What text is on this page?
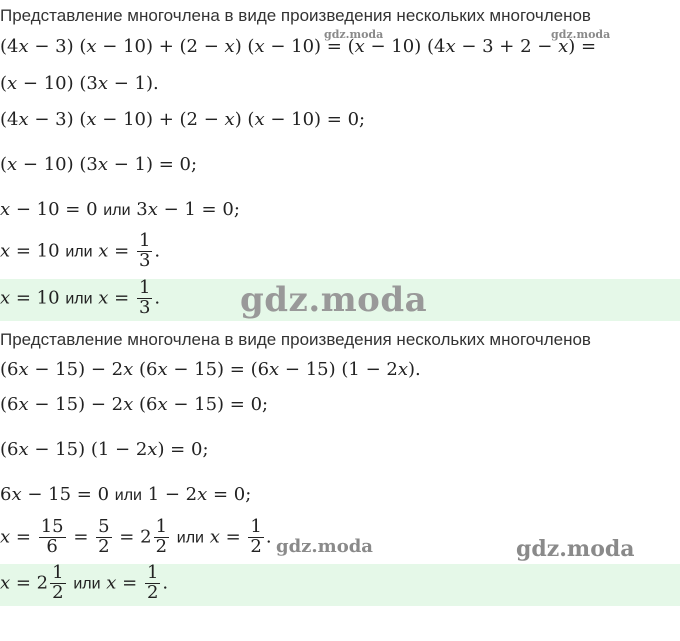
Представление многочлена в виде произведения нескольких многочленов
(4x − 3) (x − 10) + (2 − x) (x − 10) = (x − 10) (4x − 3 + 2 − x) =
(x − 10) (3x − 1).
(4x − 3) (x − 10) + (2 − x) (x − 10) = 0;
(x − 10) (3x − 1) = 0;
x − 10 = 0 или 3x − 1 = 0;
x = 10 или $x = \frac{1}{3}$ .
x = 10 или $x = \frac{1}{3}$ .
Представление многочлена в виде произведения нескольких многочленов
(6x − 15) − 2x (6x − 15) = (6x − 15) (1 − 2x).
(6x − 15) − 2x (6x − 15) = 0;
(6x − 15) (1 − 2x) = 0;
6x − 15 = 0 или 1 − 2x = 0;
$x = \frac{15}{6} = \frac{5}{2} = 2 \frac{1}{2}$ или $x = \frac{1}{2}$ .
$x = 2 \frac{1}{2}$ или $x = \frac{1}{2}$ .
gdz.moda	gdz.moda
gdz.moda
gdz.moda	gdz.moda
